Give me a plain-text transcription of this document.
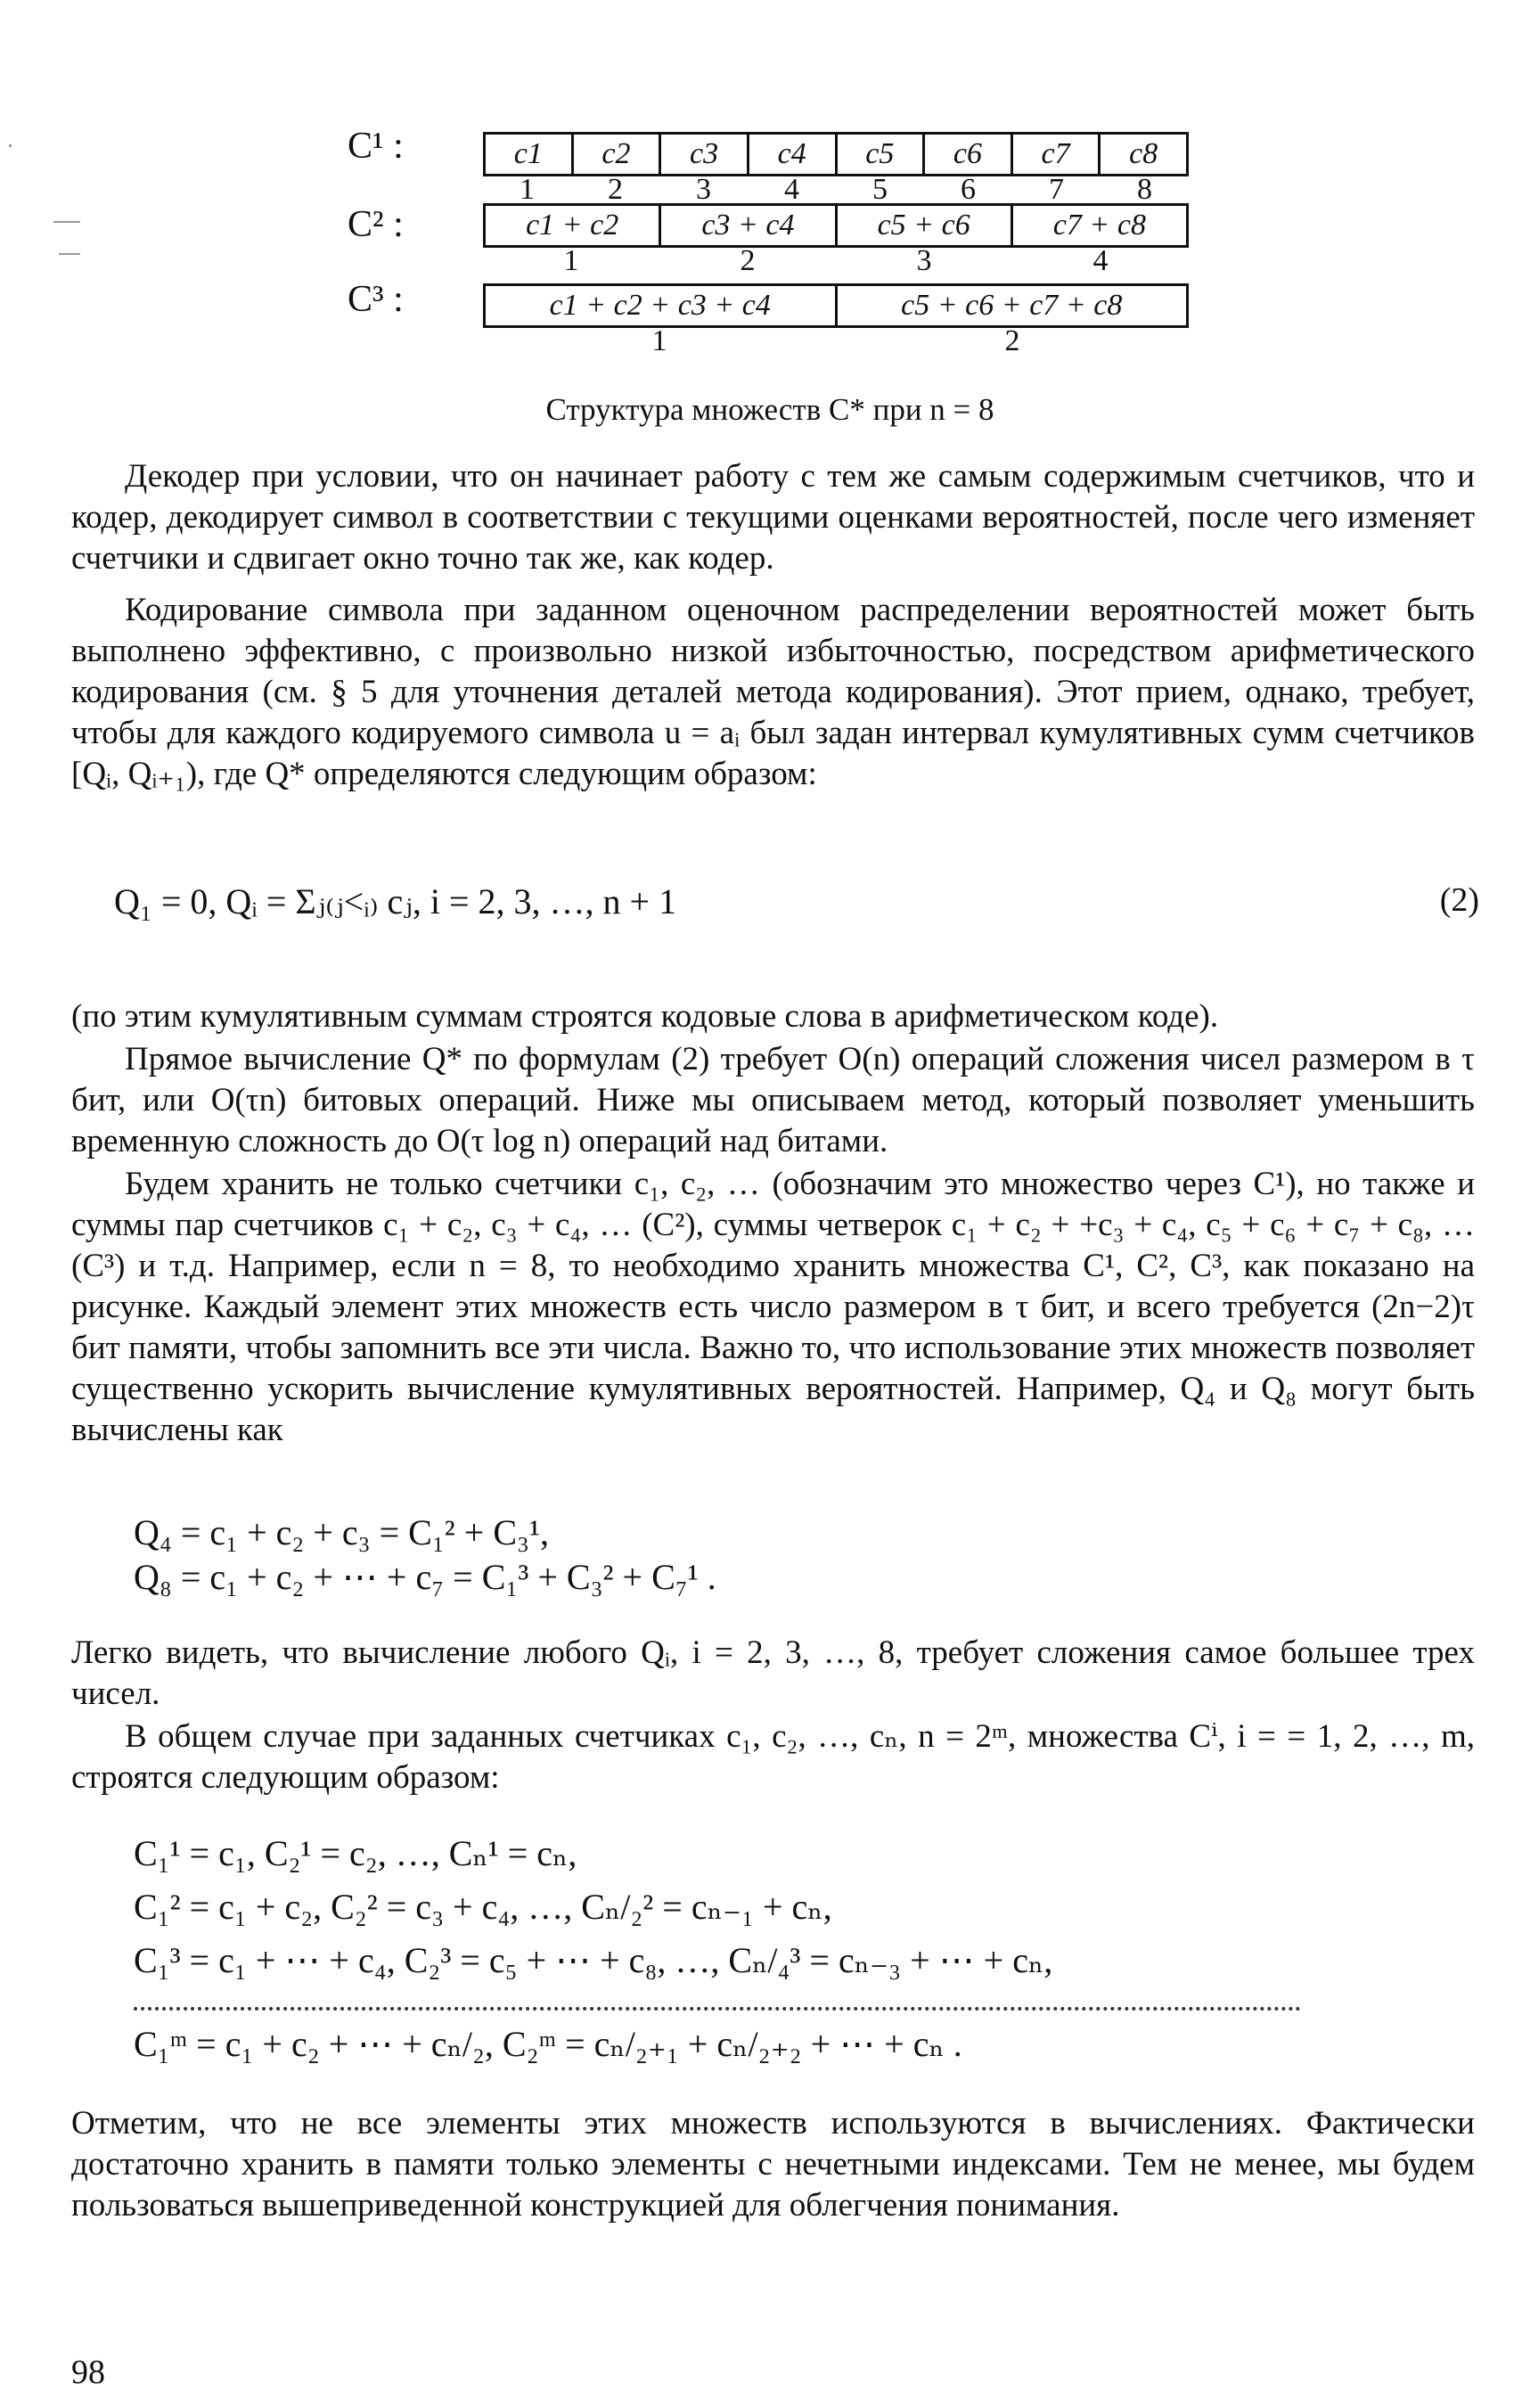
C¹ :	c1 c2 c3 c4 c5 c6 c7 c8
1	2	3	4	5	6	7	8
C² :	c1 + c2	c3 + c4	c5 + c6	c7 + c8
1	2	3	4
C³ :	c1 + c2 + c3 + c4	c5 + c6 + c7 + c8
1	2
Структура множеств C* при n = 8

Декодер при условии, что он начинает работу с тем же самым содержимым счетчиков, что и кодер, декодирует символ в соответствии с текущими оценками вероятностей, после чего изменяет счетчики и сдвигает окно точно так же, как кодер.

Кодирование символа при заданном оценочном распределении вероятностей может быть выполнено эффективно, с произвольно низкой избыточностью, посредством арифметического кодирования (см. § 5 для уточнения деталей метода кодирования). Этот прием, однако, требует, чтобы для каждого кодируемого символа u = aᵢ был задан интервал кумулятивных сумм счетчиков [Qᵢ, Qᵢ₊₁), где Q* определяются следующим образом:

Q₁ = 0, Qᵢ = Σⱼ₍ⱼ<ᵢ₎ cⱼ, i = 2, 3, …, n + 1	(2)

(по этим кумулятивным суммам строятся кодовые слова в арифметическом коде).

Прямое вычисление Q* по формулам (2) требует O(n) операций сложения чисел размером в τ бит, или O(τn) битовых операций. Ниже мы описываем метод, который позволяет уменьшить временную сложность до O(τ log n) операций над битами.

Будем хранить не только счетчики c₁, c₂, … (обозначим это множество через C¹), но также и суммы пар счетчиков c₁ + c₂, c₃ + c₄, … (C²), суммы четверок c₁ + c₂ + +c₃ + c₄, c₅ + c₆ + c₇ + c₈, … (C³) и т.д. Например, если n = 8, то необходимо хранить множества C¹, C², C³, как показано на рисунке. Каждый элемент этих множеств есть число размером в τ бит, и всего требуется (2n−2)τ бит памяти, чтобы запомнить все эти числа. Важно то, что использование этих множеств позволяет существенно ускорить вычисление кумулятивных вероятностей. Например, Q₄ и Q₈ могут быть вычислены как

Q₄ = c₁ + c₂ + c₃ = C₁² + C₃¹,
Q₈ = c₁ + c₂ + ⋯ + c₇ = C₁³ + C₃² + C₇¹ .

Легко видеть, что вычисление любого Qᵢ, i = 2, 3, …, 8, требует сложения самое большее трех чисел.

В общем случае при заданных счетчиках c₁, c₂, …, cₙ, n = 2ᵐ, множества Cⁱ, i = = 1, 2, …, m, строятся следующим образом:

C₁¹ = c₁, C₂¹ = c₂, …, Cₙ¹ = cₙ,
C₁² = c₁ + c₂, C₂² = c₃ + c₄, …, Cₙ/₂² = cₙ₋₁ + cₙ,
C₁³ = c₁ + ⋯ + c₄, C₂³ = c₅ + ⋯ + c₈, …, Cₙ/₄³ = cₙ₋₃ + ⋯ + cₙ,
C₁ᵐ = c₁ + c₂ + ⋯ + cₙ/₂, C₂ᵐ = cₙ/₂₊₁ + cₙ/₂₊₂ + ⋯ + cₙ .

Отметим, что не все элементы этих множеств используются в вычислениях. Фактически достаточно хранить в памяти только элементы с нечетными индексами. Тем не менее, мы будем пользоваться вышеприведенной конструкцией для облегчения понимания.

98
